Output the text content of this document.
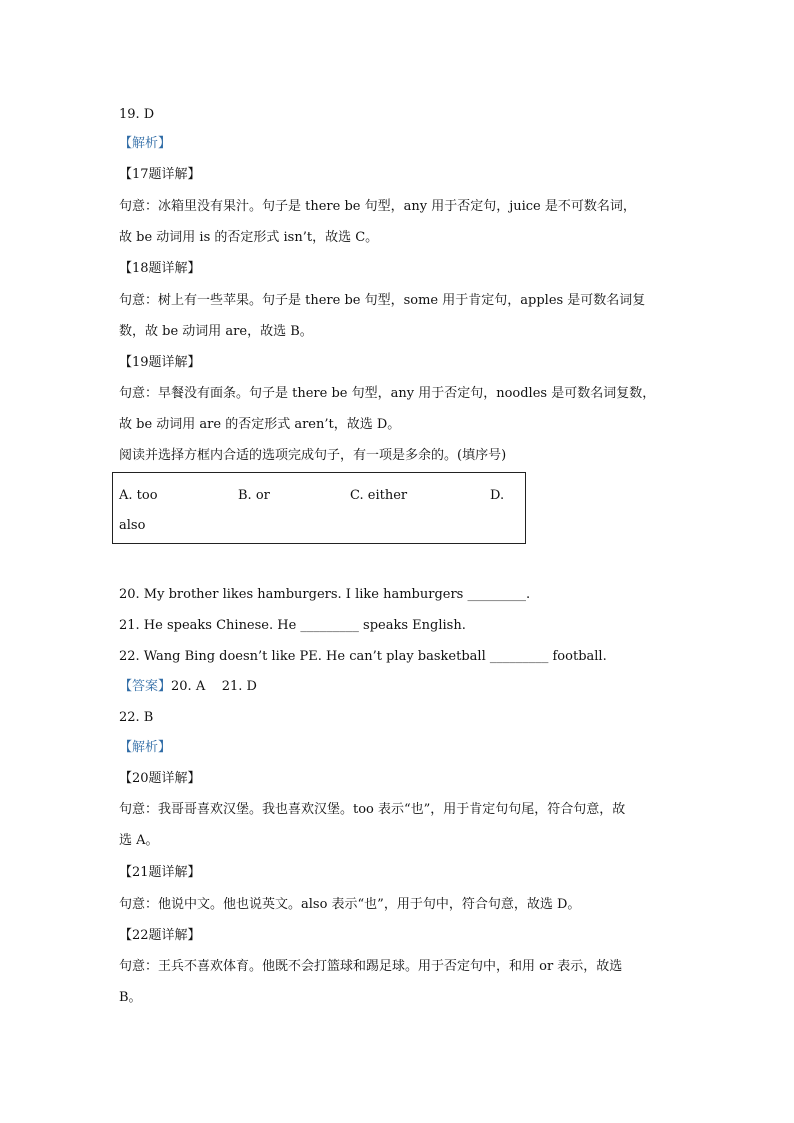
19. D
【解析】
【17题详解】
句意：冰箱里没有果汁。句子是 there be 句型，any 用于否定句，juice 是不可数名词，
故 be 动词用 is 的否定形式 isn’t，故选 C。
【18题详解】
句意：树上有一些苹果。句子是 there be 句型，some 用于肯定句，apples 是可数名词复
数，故 be 动词用 are，故选 B。
【19题详解】
句意：早餐没有面条。句子是 there be 句型，any 用于否定句，noodles 是可数名词复数，
故 be 动词用 are 的否定形式 aren’t，故选 D。
阅读并选择方框内合适的选项完成句子，有一项是多余的。(填序号)
A. too	B. or	C. either	D.
also
20. My brother likes hamburgers. I like hamburgers _________.
21. He speaks Chinese. He _________ speaks English.
22. Wang Bing doesn’t like PE. He can’t play basketball _________ football.
【答案】20. A    21. D
22. B
【解析】
【20题详解】
句意：我哥哥喜欢汉堡。我也喜欢汉堡。too 表示“也”，用于肯定句句尾，符合句意，故
选 A。
【21题详解】
句意：他说中文。他也说英文。also 表示“也”，用于句中，符合句意，故选 D。
【22题详解】
句意：王兵不喜欢体育。他既不会打篮球和踢足球。用于否定句中，和用 or 表示，故选
B。
